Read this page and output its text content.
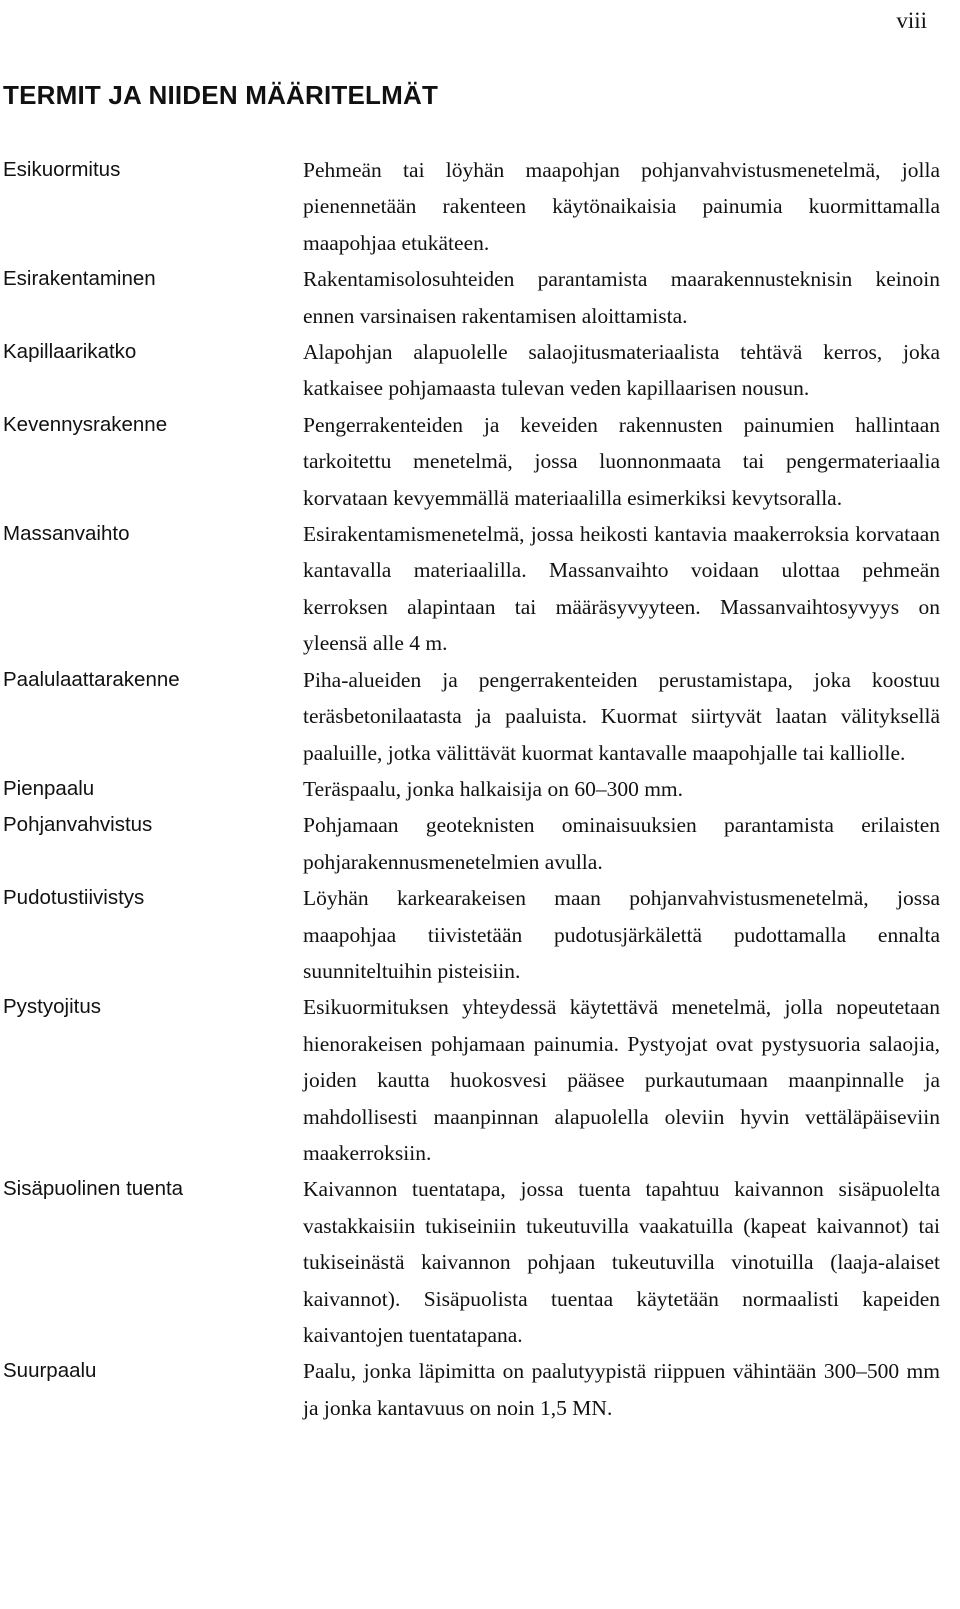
viii
TERMIT JA NIIDEN MÄÄRITELMÄT
Esikuormitus	Pehmeän tai löyhän maapohjan pohjanvahvistusmenetelmä, jolla pienennetään rakenteen käytönaikaisia painumia kuormittamalla maapohjaa etukäteen.
Esirakentaminen	Rakentamisolosuhteiden parantamista maarakennusteknisin keinoin ennen varsinaisen rakentamisen aloittamista.
Kapillaarikatko	Alapohjan alapuolelle salaojitusmateriaalista tehtävä kerros, joka katkaisee pohjamaasta tulevan veden kapillaarisen nousun.
Kevennysrakenne	Pengerrakenteiden ja keveiden rakennusten painumien hallintaan tarkoitettu menetelmä, jossa luonnonmaata tai pengermateriaalia korvataan kevyemmällä materiaalilla esimerkiksi kevytsoralla.
Massanvaihto	Esirakentamismenetelmä, jossa heikosti kantavia maakerroksia korvataan kantavalla materiaalilla. Massanvaihto voidaan ulottaa pehmeän kerroksen alapintaan tai määräsyvyyteen. Massanvaihtosyvyys on yleensä alle 4 m.
Paalulaattarakenne	Piha-alueiden ja pengerrakenteiden perustamistapa, joka koostuu teräsbetonilaatasta ja paaluista. Kuormat siirtyvät laatan välityksellä paaluille, jotka välittävät kuormat kantavalle maapohjalle tai kalliolle.
Pienpaalu	Teräspaalu, jonka halkaisija on 60–300 mm.
Pohjanvahvistus	Pohjamaan geoteknisten ominaisuuksien parantamista erilaisten pohjarakennusmenetelmien avulla.
Pudotustiivistys	Löyhän karkearakeisen maan pohjanvahvistusmenetelmä, jossa maapohjaa tiivistetään pudotusjärkälettä pudottamalla ennalta suunniteltuihin pisteisiin.
Pystyojitus	Esikuormituksen yhteydessä käytettävä menetelmä, jolla nopeutetaan hienorakeisen pohjamaan painumia. Pystyojat ovat pystysuoria salaojia, joiden kautta huokosvesi pääsee purkautumaan maanpinnalle ja mahdollisesti maanpinnan alapuolella oleviin hyvin vettäläpäiseviin maakerroksiin.
Sisäpuolinen tuenta	Kaivannon tuentatapa, jossa tuenta tapahtuu kaivannon sisäpuolelta vastakkaisiin tukiseiniin tukeutuvilla vaakatuilla (kapeat kaivannot) tai tukiseinästä kaivannon pohjaan tukeutuvilla vinotuilla (laaja-alaiset kaivannot). Sisäpuolista tuentaa käytetään normaalisti kapeiden kaivantojen tuentatapana.
Suurpaalu	Paalu, jonka läpimitta on paalutyypistä riippuen vähintään 300–500 mm ja jonka kantavuus on noin 1,5 MN.
